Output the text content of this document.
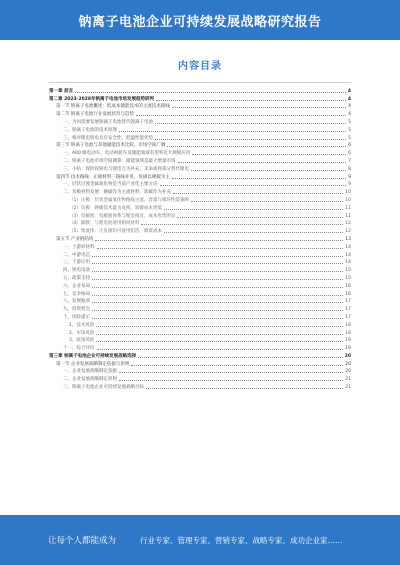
钠离子电池企业可持续发展战略研究报告
内容目录
第一章 前言	4
第二章 2023-2028年钠离子电池市场发展趋势研判	4
第一节 钠离子电池概述：低成本储能技术的主流技术路线	4
第二节 钠离子电池行业发展状况与趋势	4
一、为何需要发展钠离子电池替代锂离子电池	5
二、钠离子电池的技术原理	5
三、相对锂电钠电具有安全性、低温性能优势	5
第三节 钠离子电池与其他储能技术比较，市场空间广阔	6
一、A00 级电动车、电动两轮车及储能领域有望率先大规模应用	6
二、钠离子电池市场空间测算：储能领域是最大增量市场	7
三、小结：现阶段钠电与锂电互为补充，未来或将部分替代锂电	8
第四节 技术路线：正极材料三路线并进，负极以硬碳为主	9
一、层状过渡金属氧化物是当前产业化主要方向	9
二、负极材料发展：硬碳作为主流材料，软碳作为补充	10
（1）正极：层状金属氧化物路线主流，容量与循环性能兼顾	10
（2）负极：硬碳技术最为成熟，软碳成本更低	11
（3）电解液：电解液体系与锂电相近，成本优势明显	11
（4）隔膜：与锂电池使用相同材料	12
（5）集流体：正负极均可使用铝箔，降低成本	12
第五节 产业链结构	13
一、上游原材料	14
二、中游电芯	14
三、下游应用	14
四、钠电设备	15
五、政策支持	15
六、企业布局	16
七、竞争格局	16
八、发展瓶颈	17
九、投资机会	17
十、风险提示	17
1、技术风险	18
2、市场风险	18
3、政策风险	19
十一、综合评价	19
第三章 钠离子电池企业可持续发展战略选择	20
第一节 企业发展战略制定依据与原则	20
一、企业发展战略制定依据	20
二、企业发展战略制定原则	21
三、钠离子电池企业可持续发展战略目标	21
让每个人都能成为	行业专家、管理专家、营销专家、战略专家、成功企业家……
